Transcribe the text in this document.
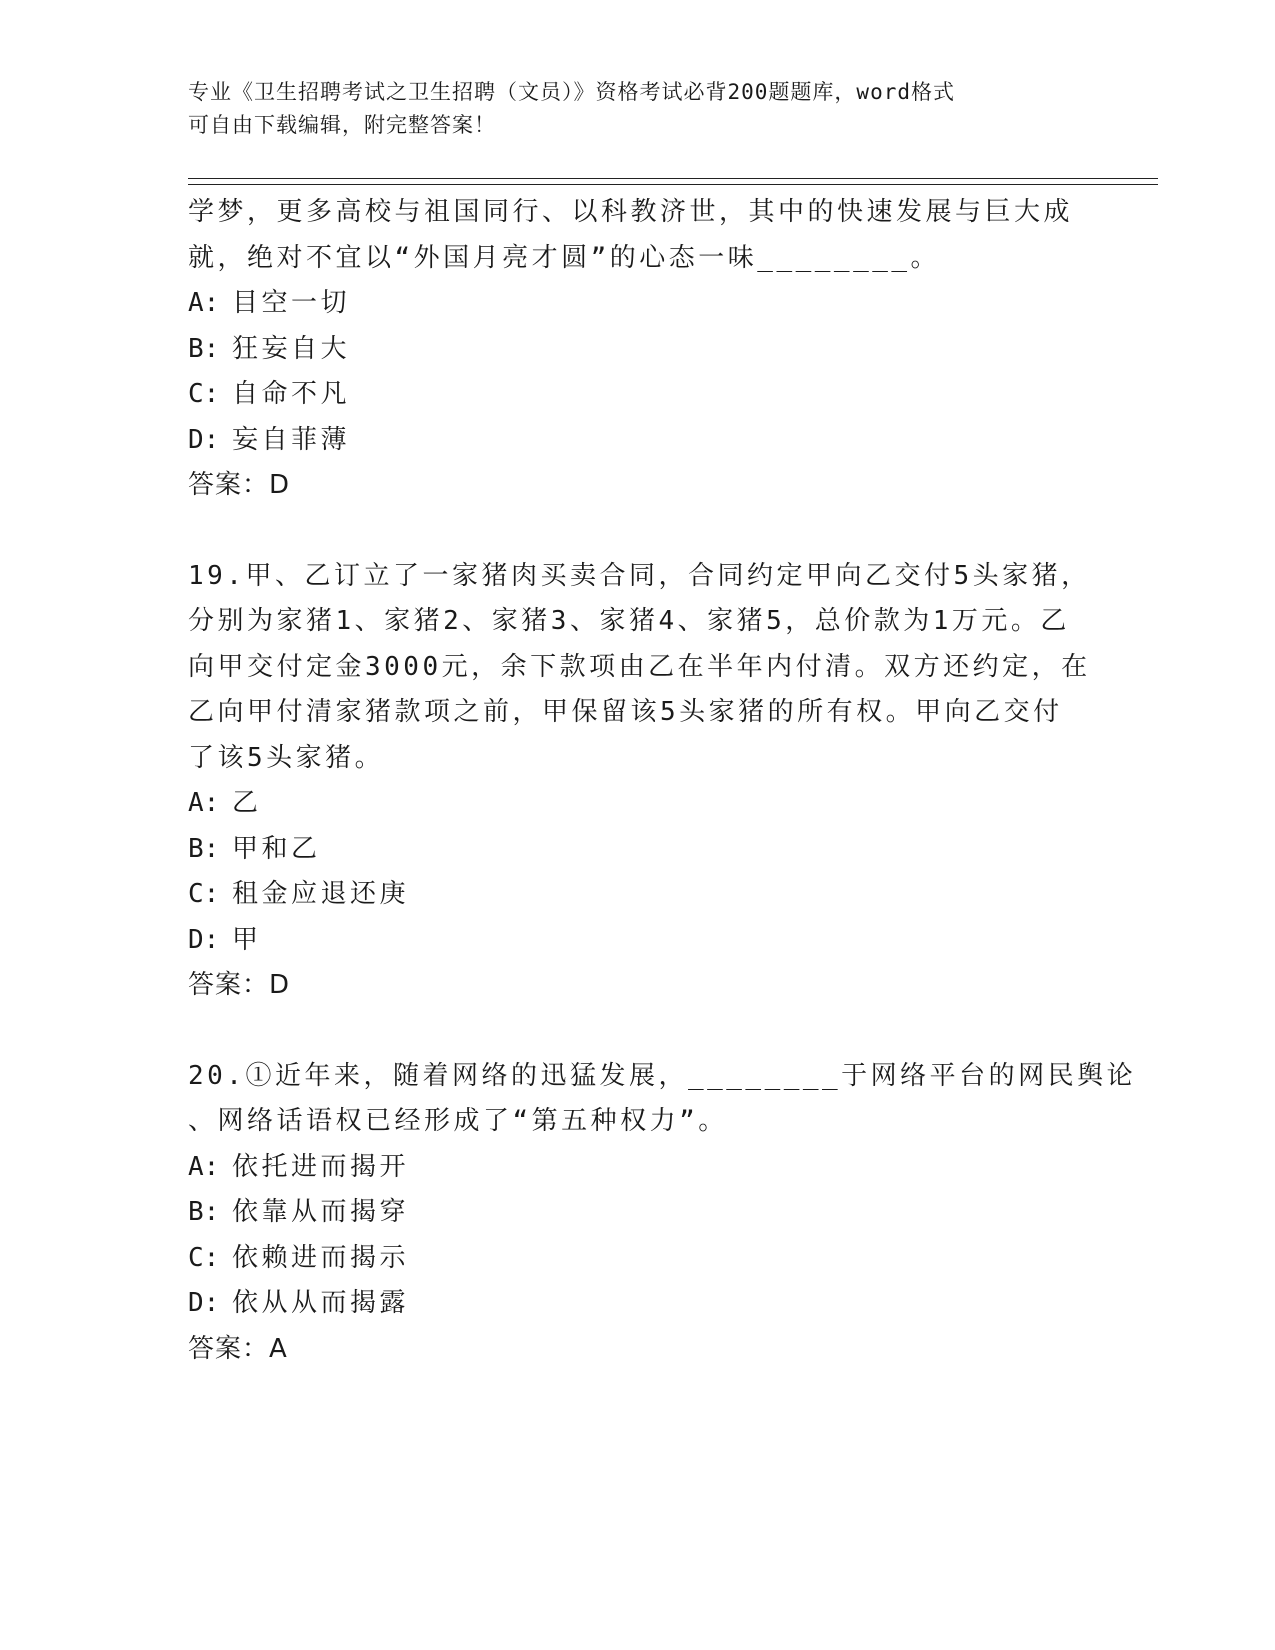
专业《卫生招聘考试之卫生招聘（文员）》资格考试必背200题题库，word格式
可自由下载编辑，附完整答案！

学梦，更多高校与祖国同行、以科教济世，其中的快速发展与巨大成

就，绝对不宜以“外国月亮才圆”的心态一味________。

A: 目空一切

B: 狂妄自大

C: 自命不凡

D: 妄自菲薄

答案：D

19.甲、乙订立了一家猪肉买卖合同，合同约定甲向乙交付5头家猪，

分别为家猪1、家猪2、家猪3、家猪4、家猪5，总价款为1万元。乙

向甲交付定金3000元，余下款项由乙在半年内付清。双方还约定，在

乙向甲付清家猪款项之前，甲保留该5头家猪的所有权。甲向乙交付

了该5头家猪。

A: 乙

B: 甲和乙

C: 租金应退还庚

D: 甲

答案：D

20.①近年来，随着网络的迅猛发展，________于网络平台的网民舆论

、网络话语权已经形成了“第五种权力”。

A: 依托进而揭开

B: 依靠从而揭穿

C: 依赖进而揭示

D: 依从从而揭露

答案：A
